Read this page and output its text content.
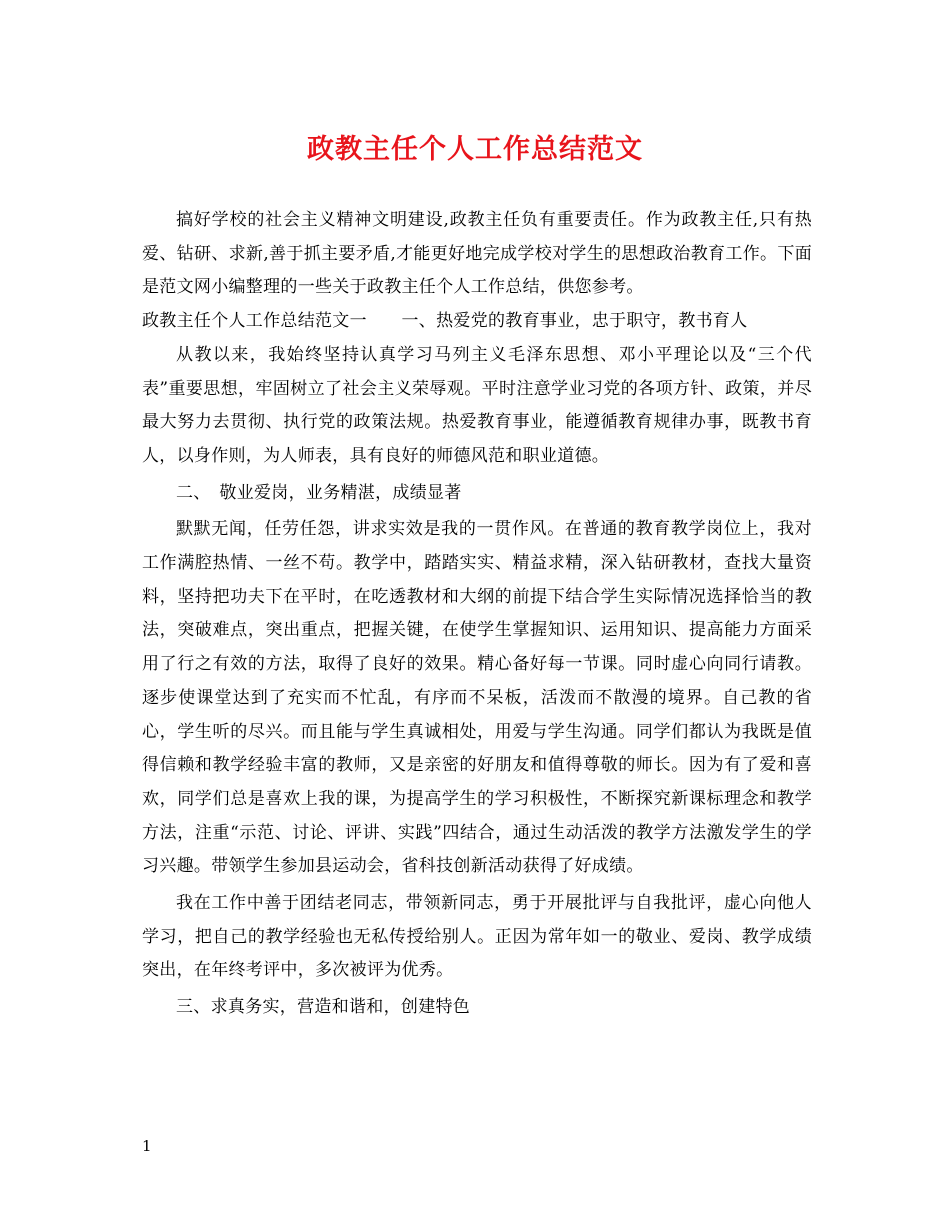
政教主任个人工作总结范文

搞好学校的社会主义精神文明建设,政教主任负有重要责任。作为政教主任,只有热爱、钻研、求新,善于抓主要矛盾,才能更好地完成学校对学生的思想政治教育工作。下面是范文网小编整理的一些关于政教主任个人工作总结，供您参考。

政教主任个人工作总结范文一　　一、热爱党的教育事业，忠于职守，教书育人

从教以来，我始终坚持认真学习马列主义毛泽东思想、邓小平理论以及“三个代表”重要思想，牢固树立了社会主义荣辱观。平时注意学业习党的各项方针、政策，并尽最大努力去贯彻、执行党的政策法规。热爱教育事业，能遵循教育规律办事，既教书育人，以身作则，为人师表，具有良好的师德风范和职业道德。

二、　敬业爱岗，业务精湛，成绩显著

默默无闻，任劳任怨，讲求实效是我的一贯作风。在普通的教育教学岗位上，我对工作满腔热情、一丝不苟。教学中，踏踏实实、精益求精，深入钻研教材，查找大量资料，坚持把功夫下在平时，在吃透教材和大纲的前提下结合学生实际情况选择恰当的教法，突破难点，突出重点，把握关键，在使学生掌握知识、运用知识、提高能力方面采用了行之有效的方法，取得了良好的效果。精心备好每一节课。同时虚心向同行请教。逐步使课堂达到了充实而不忙乱，有序而不呆板，活泼而不散漫的境界。自己教的省心，学生听的尽兴。而且能与学生真诚相处，用爱与学生沟通。同学们都认为我既是值得信赖和教学经验丰富的教师，又是亲密的好朋友和值得尊敬的师长。因为有了爱和喜欢，同学们总是喜欢上我的课，为提高学生的学习积极性，不断探究新课标理念和教学方法，注重“示范、讨论、评讲、实践”四结合，通过生动活泼的教学方法激发学生的学习兴趣。带领学生参加县运动会，省科技创新活动获得了好成绩。

我在工作中善于团结老同志，带领新同志，勇于开展批评与自我批评，虚心向他人学习，把自己的教学经验也无私传授给别人。正因为常年如一的敬业、爱岗、教学成绩突出，在年终考评中，多次被评为优秀。

三、求真务实，营造和谐和，创建特色

1
